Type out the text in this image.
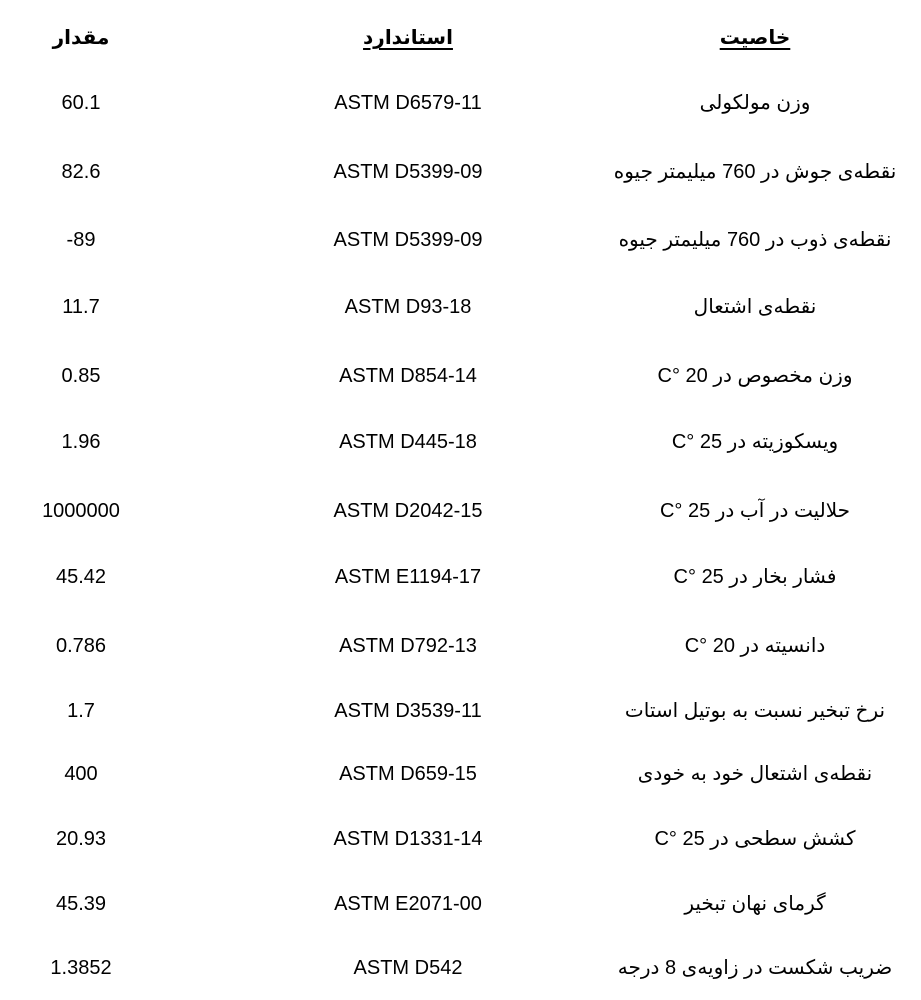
مقدار	استاندارد	خاصیت
60.1	ASTM D6579-11	وزن مولکولی
82.6	ASTM D5399-09	نقطه‌ی جوش در 760 میلیمتر جیوه
-89	ASTM D5399-09	نقطه‌ی ذوب در 760 میلیمتر جیوه
11.7	ASTM D93-18	نقطه‌ی اشتعال
0.85	ASTM D854-14	وزن مخصوص در 20 °C
1.96	ASTM D445-18	ویسکوزیته در 25 °C
1000000	ASTM D2042-15	حلالیت در آب در 25 °C
45.42	ASTM E1194-17	فشار بخار در 25 °C
0.786	ASTM D792-13	دانسیته در 20 °C
1.7	ASTM D3539-11	نرخ تبخیر نسبت به بوتیل استات
400	ASTM D659-15	نقطه‌ی اشتعال خود به خودی
20.93	ASTM D1331-14	کشش سطحی در 25 °C
45.39	ASTM E2071-00	گرمای نهان تبخیر
1.3852	ASTM D542	ضریب شکست در زاویه‌ی 8 درجه
